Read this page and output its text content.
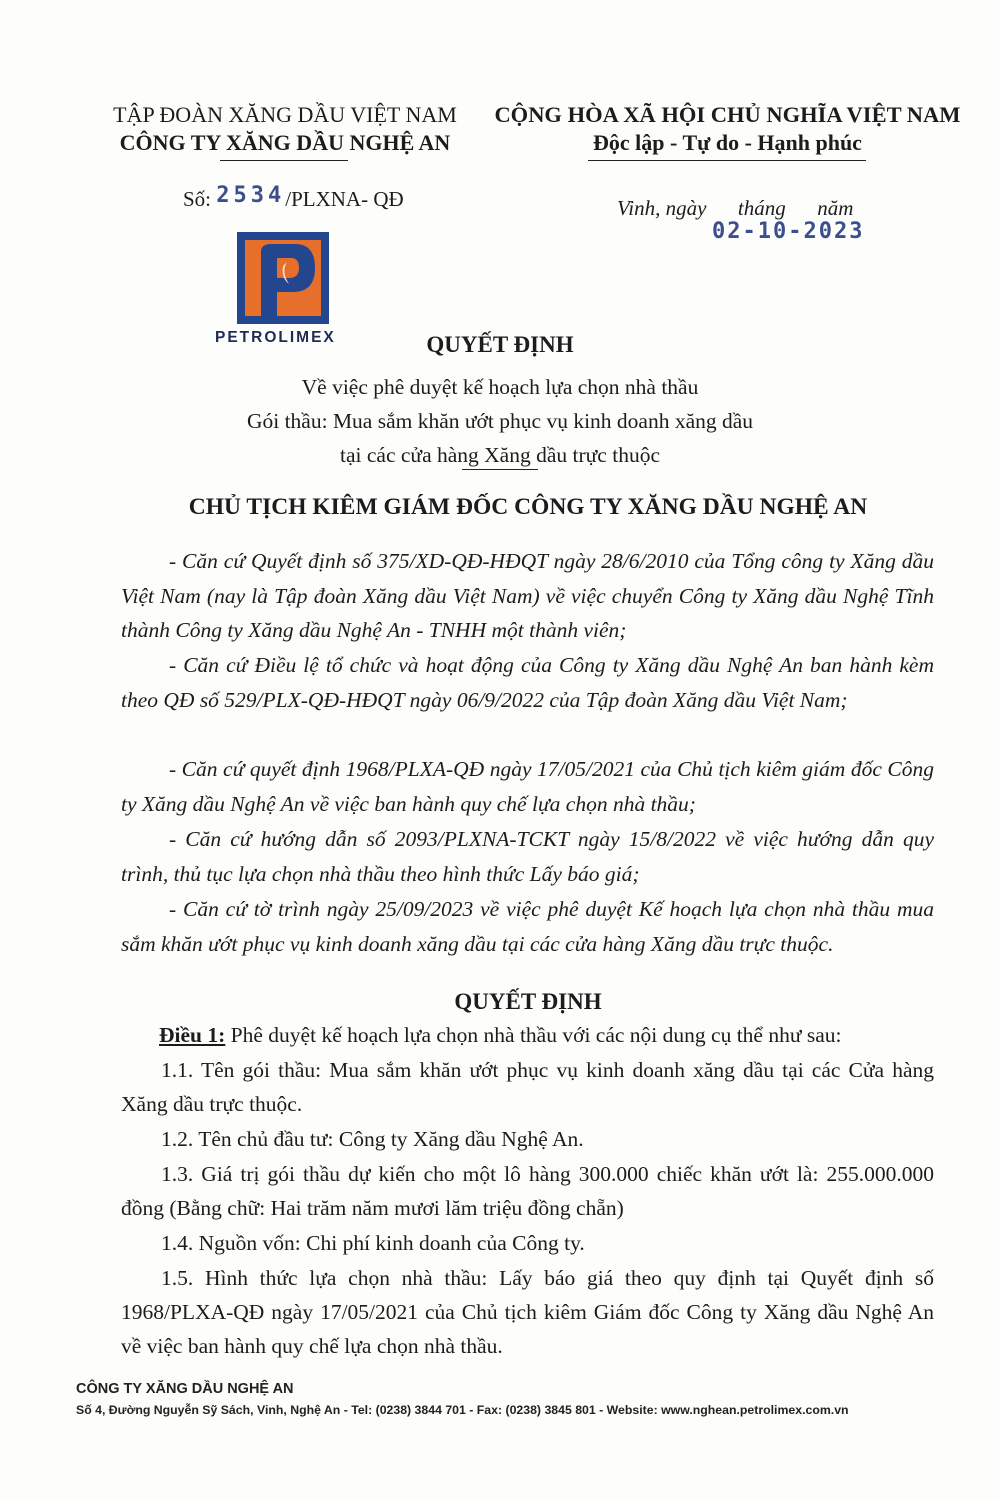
TẬP ĐOÀN XĂNG DẦU VIỆT NAM
CÔNG TY XĂNG DẦU NGHỆ AN
CỘNG HÒA XÃ HỘI CHỦ NGHĨA VIỆT NAM
Độc lập - Tự do - Hạnh phúc
Số: 2534/PLXNA- QĐ	Vinh, ngày      tháng      năm
02-10-2023
PETROLIMEX	QUYẾT ĐỊNH
Về việc phê duyệt kế hoạch lựa chọn nhà thầu
Gói thầu: Mua sắm khăn ướt phục vụ kinh doanh xăng dầu
tại các cửa hàng Xăng dầu trực thuộc
CHỦ TỊCH KIÊM GIÁM ĐỐC CÔNG TY XĂNG DẦU NGHỆ AN
- Căn cứ Quyết định số 375/XD-QĐ-HĐQT ngày 28/6/2010 của Tổng công ty Xăng dầu Việt Nam (nay là Tập đoàn Xăng dầu Việt Nam) về việc chuyển Công ty Xăng dầu Nghệ Tĩnh thành Công ty Xăng dầu Nghệ An - TNHH một thành viên;
- Căn cứ Điều lệ tổ chức và hoạt động của Công ty Xăng dầu Nghệ An ban hành kèm theo QĐ số 529/PLX-QĐ-HĐQT ngày 06/9/2022 của Tập đoàn Xăng dầu Việt Nam;
- Căn cứ quyết định 1968/PLXA-QĐ ngày 17/05/2021 của Chủ tịch kiêm giám đốc Công ty Xăng dầu Nghệ An về việc ban hành quy chế lựa chọn nhà thầu;
- Căn cứ hướng dẫn số 2093/PLXNA-TCKT ngày 15/8/2022 về việc hướng dẫn quy trình, thủ tục lựa chọn nhà thầu theo hình thức Lấy báo giá;
- Căn cứ tờ trình ngày 25/09/2023 về việc phê duyệt Kế hoạch lựa chọn nhà thầu mua sắm khăn ướt phục vụ kinh doanh xăng dầu tại các cửa hàng Xăng dầu trực thuộc.
QUYẾT ĐỊNH
Điều 1: Phê duyệt kế hoạch lựa chọn nhà thầu với các nội dung cụ thể như sau:
1.1. Tên gói thầu: Mua sắm khăn ướt phục vụ kinh doanh xăng dầu tại các Cửa hàng Xăng dầu trực thuộc.
1.2. Tên chủ đầu tư: Công ty Xăng dầu Nghệ An.
1.3. Giá trị gói thầu dự kiến cho một lô hàng 300.000 chiếc khăn ướt là: 255.000.000 đồng (Bằng chữ: Hai trăm năm mươi lăm triệu đồng chẵn)
1.4. Nguồn vốn: Chi phí kinh doanh của Công ty.
1.5. Hình thức lựa chọn nhà thầu: Lấy báo giá theo quy định tại Quyết định số 1968/PLXA-QĐ ngày 17/05/2021 của Chủ tịch kiêm Giám đốc Công ty Xăng dầu Nghệ An về việc ban hành quy chế lựa chọn nhà thầu.
CÔNG TY XĂNG DẦU NGHỆ AN
Số 4, Đường Nguyễn Sỹ Sách, Vinh, Nghệ An - Tel: (0238) 3844 701 - Fax: (0238) 3845 801 - Website: www.nghean.petrolimex.com.vn
